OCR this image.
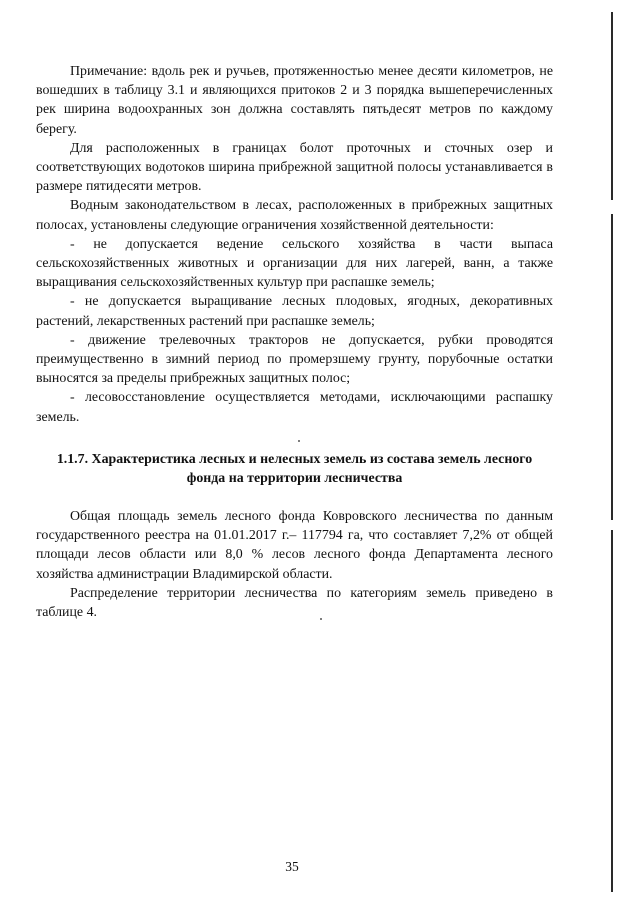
Примечание: вдоль рек и ручьев, протяженностью менее десяти километров, не вошедших в таблицу 3.1 и являющихся притоков 2 и 3 порядка вышеперечисленных рек ширина водоохранных зон должна составлять пятьдесят метров по каждому берегу.

Для расположенных в границах болот проточных и сточных озер и соответствующих водотоков ширина прибрежной защитной полосы устанавливается в размере пятидесяти метров.

Водным законодательством в лесах, расположенных в прибрежных защитных полосах, установлены следующие ограничения хозяйственной деятельности:

- не допускается ведение сельского хозяйства в части выпаса сельскохозяйственных животных и организации для них лагерей, ванн, а также выращивания сельскохозяйственных культур при распашке земель;

- не допускается выращивание лесных плодовых, ягодных, декоративных растений, лекарственных растений при распашке земель;

- движение трелевочных тракторов не допускается, рубки проводятся преимущественно в зимний период по промерзшему грунту, порубочные остатки выносятся за пределы прибрежных защитных полос;

- лесовосстановление осуществляется методами, исключающими распашку земель.

1.1.7. Характеристика лесных и нелесных земель из состава земель лесного фонда на территории лесничества

Общая площадь земель лесного фонда Ковровского лесничества по данным государственного реестра на 01.01.2017 г.– 117794 га, что составляет 7,2% от общей площади лесов области или 8,0 % лесов лесного фонда Департамента лесного хозяйства администрации Владимирской области.

Распределение территории лесничества по категориям земель приведено в таблице 4.

35
